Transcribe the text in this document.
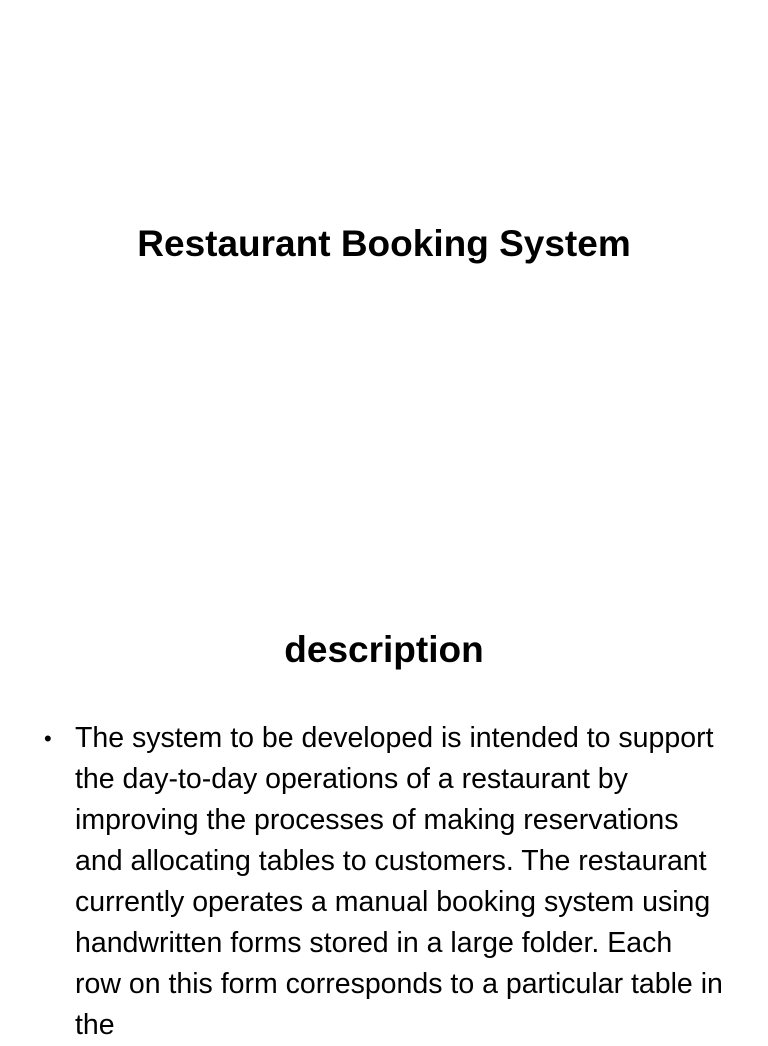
Restaurant Booking System
description
• The system to be developed is intended to support the day-to-day operations of a restaurant by improving the processes of making reservations and allocating tables to customers. The restaurant currently operates a manual booking system using handwritten forms stored in a large folder. Each row on this form corresponds to a particular table in the
